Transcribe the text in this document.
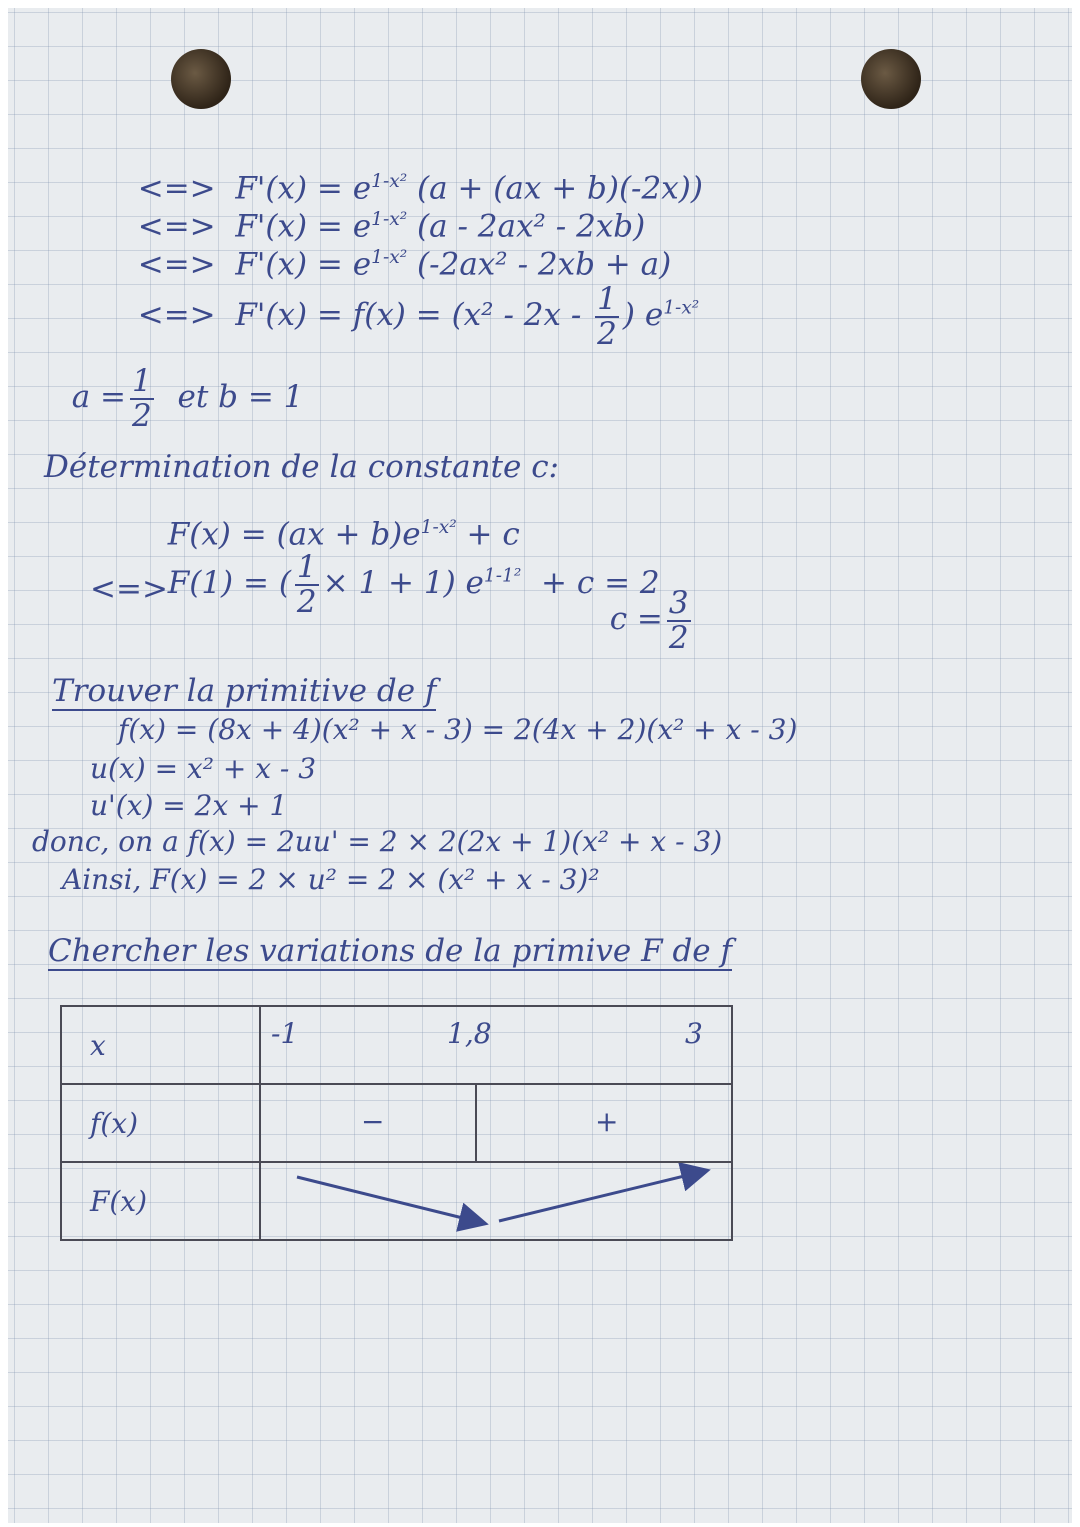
<=> $F'(x) = e^{1-x^2}$ (a + (ax + b)(-2x))

<=> $F'(x) = e^{1-x^2}$ (a - 2ax² - 2xb)

<=> $F'(x) = e^{1-x^2}$ (-2ax² - 2xb + a)

<=> $F'(x) = f(x) = (x^2 - 2x - \frac{1}{2}$ ) $e^{1-x^2}$

$a = \frac{1}{2}$ et b = 1

Détermination de la constante c:

$F(x) = (ax + b)e^{1-x^2} + c$

F(1) = ( $\frac{1}{2} \times 1 + 1$) $e^{1-1^2} + c = 2$

<=>

$c = \frac{3}{2}$

Trouver la primitive de f
f(x) = (8x + 4)(x² + x - 3) = 2(4x + 2)(x² + x - 3)
u(x) = x² + x - 3
u'(x) = 2x + 1
donc, on a f(x) = 2uu' = 2 × 2(2x + 1)(x² + x - 3)
Ainsi, F(x) = 2 × u² = 2 × (x² + x - 3)²
Chercher les variations de la primive F de f
x	-1 1,8 3

f(x)	− +

F(x)	
